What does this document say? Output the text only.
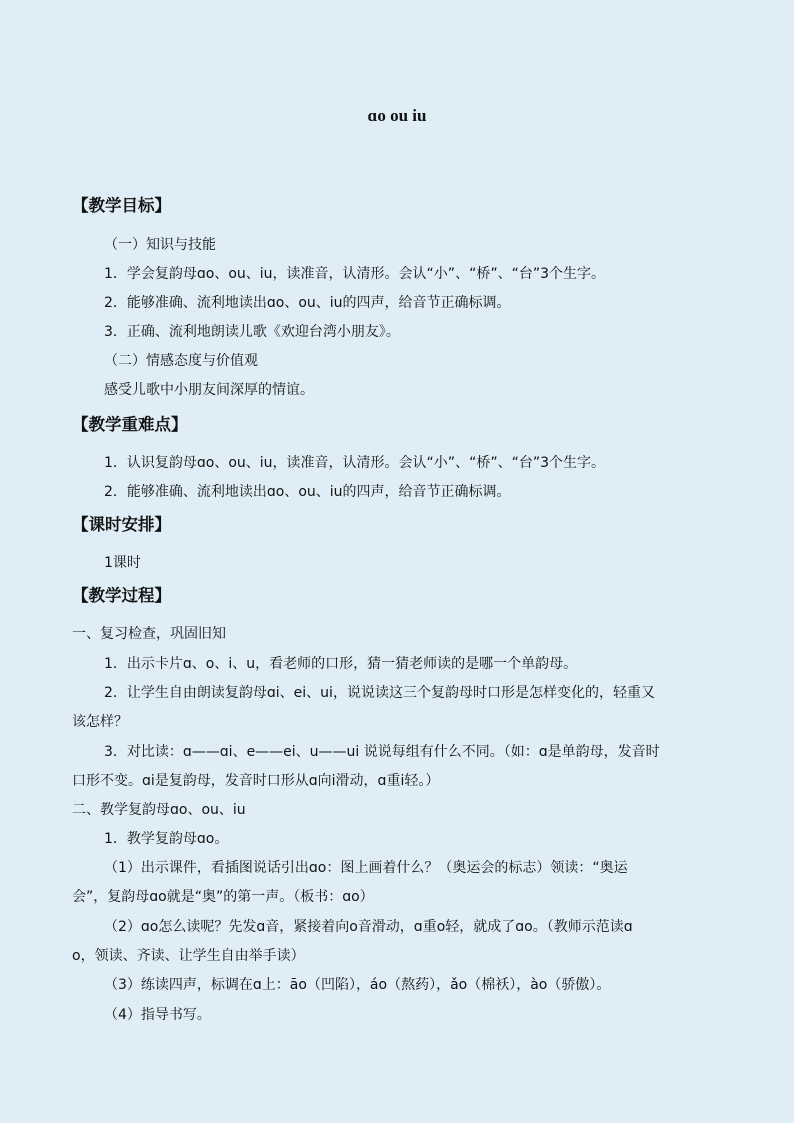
ɑo ou iu
【教学目标】
（一）知识与技能
1．学会复韵母ɑo、ou、iu，读准音，认清形。会认“小”、“桥”、“台”3个生字。
2．能够准确、流利地读出ɑo、ou、iu的四声，给音节正确标调。
3．正确、流利地朗读儿歌《欢迎台湾小朋友》。
（二）情感态度与价值观
感受儿歌中小朋友间深厚的情谊。
【教学重难点】
1．认识复韵母ɑo、ou、iu，读准音，认清形。会认“小”、“桥”、“台”3个生字。
2．能够准确、流利地读出ɑo、ou、iu的四声，给音节正确标调。
【课时安排】
1课时
【教学过程】
一、复习检查，巩固旧知
1．出示卡片ɑ、o、i、u，看老师的口形，猜一猜老师读的是哪一个单韵母。
2．让学生自由朗读复韵母ɑi、ei、ui，说说读这三个复韵母时口形是怎样变化的，轻重又
该怎样？
3．对比读：ɑ——ɑi、e——ei、u——ui 说说每组有什么不同。（如：ɑ是单韵母，发音时
口形不变。ɑi是复韵母，发音时口形从ɑ向i滑动，ɑ重i轻。）
二、教学复韵母ɑo、ou、iu
1．教学复韵母ɑo。
（1）出示课件，看插图说话引出ɑo：图上画着什么？（奥运会的标志）领读：“奥运
会”，复韵母ɑo就是“奥”的第一声。（板书：ɑo）
（2）ɑo怎么读呢？先发ɑ音，紧接着向o音滑动，ɑ重o轻，就成了ɑo。（教师示范读ɑ
o，领读、齐读、让学生自由举手读）
（3）练读四声，标调在ɑ上：āo（凹陷），áo（熬药），ǎo（棉袄），ào（骄傲）。
（4）指导书写。
